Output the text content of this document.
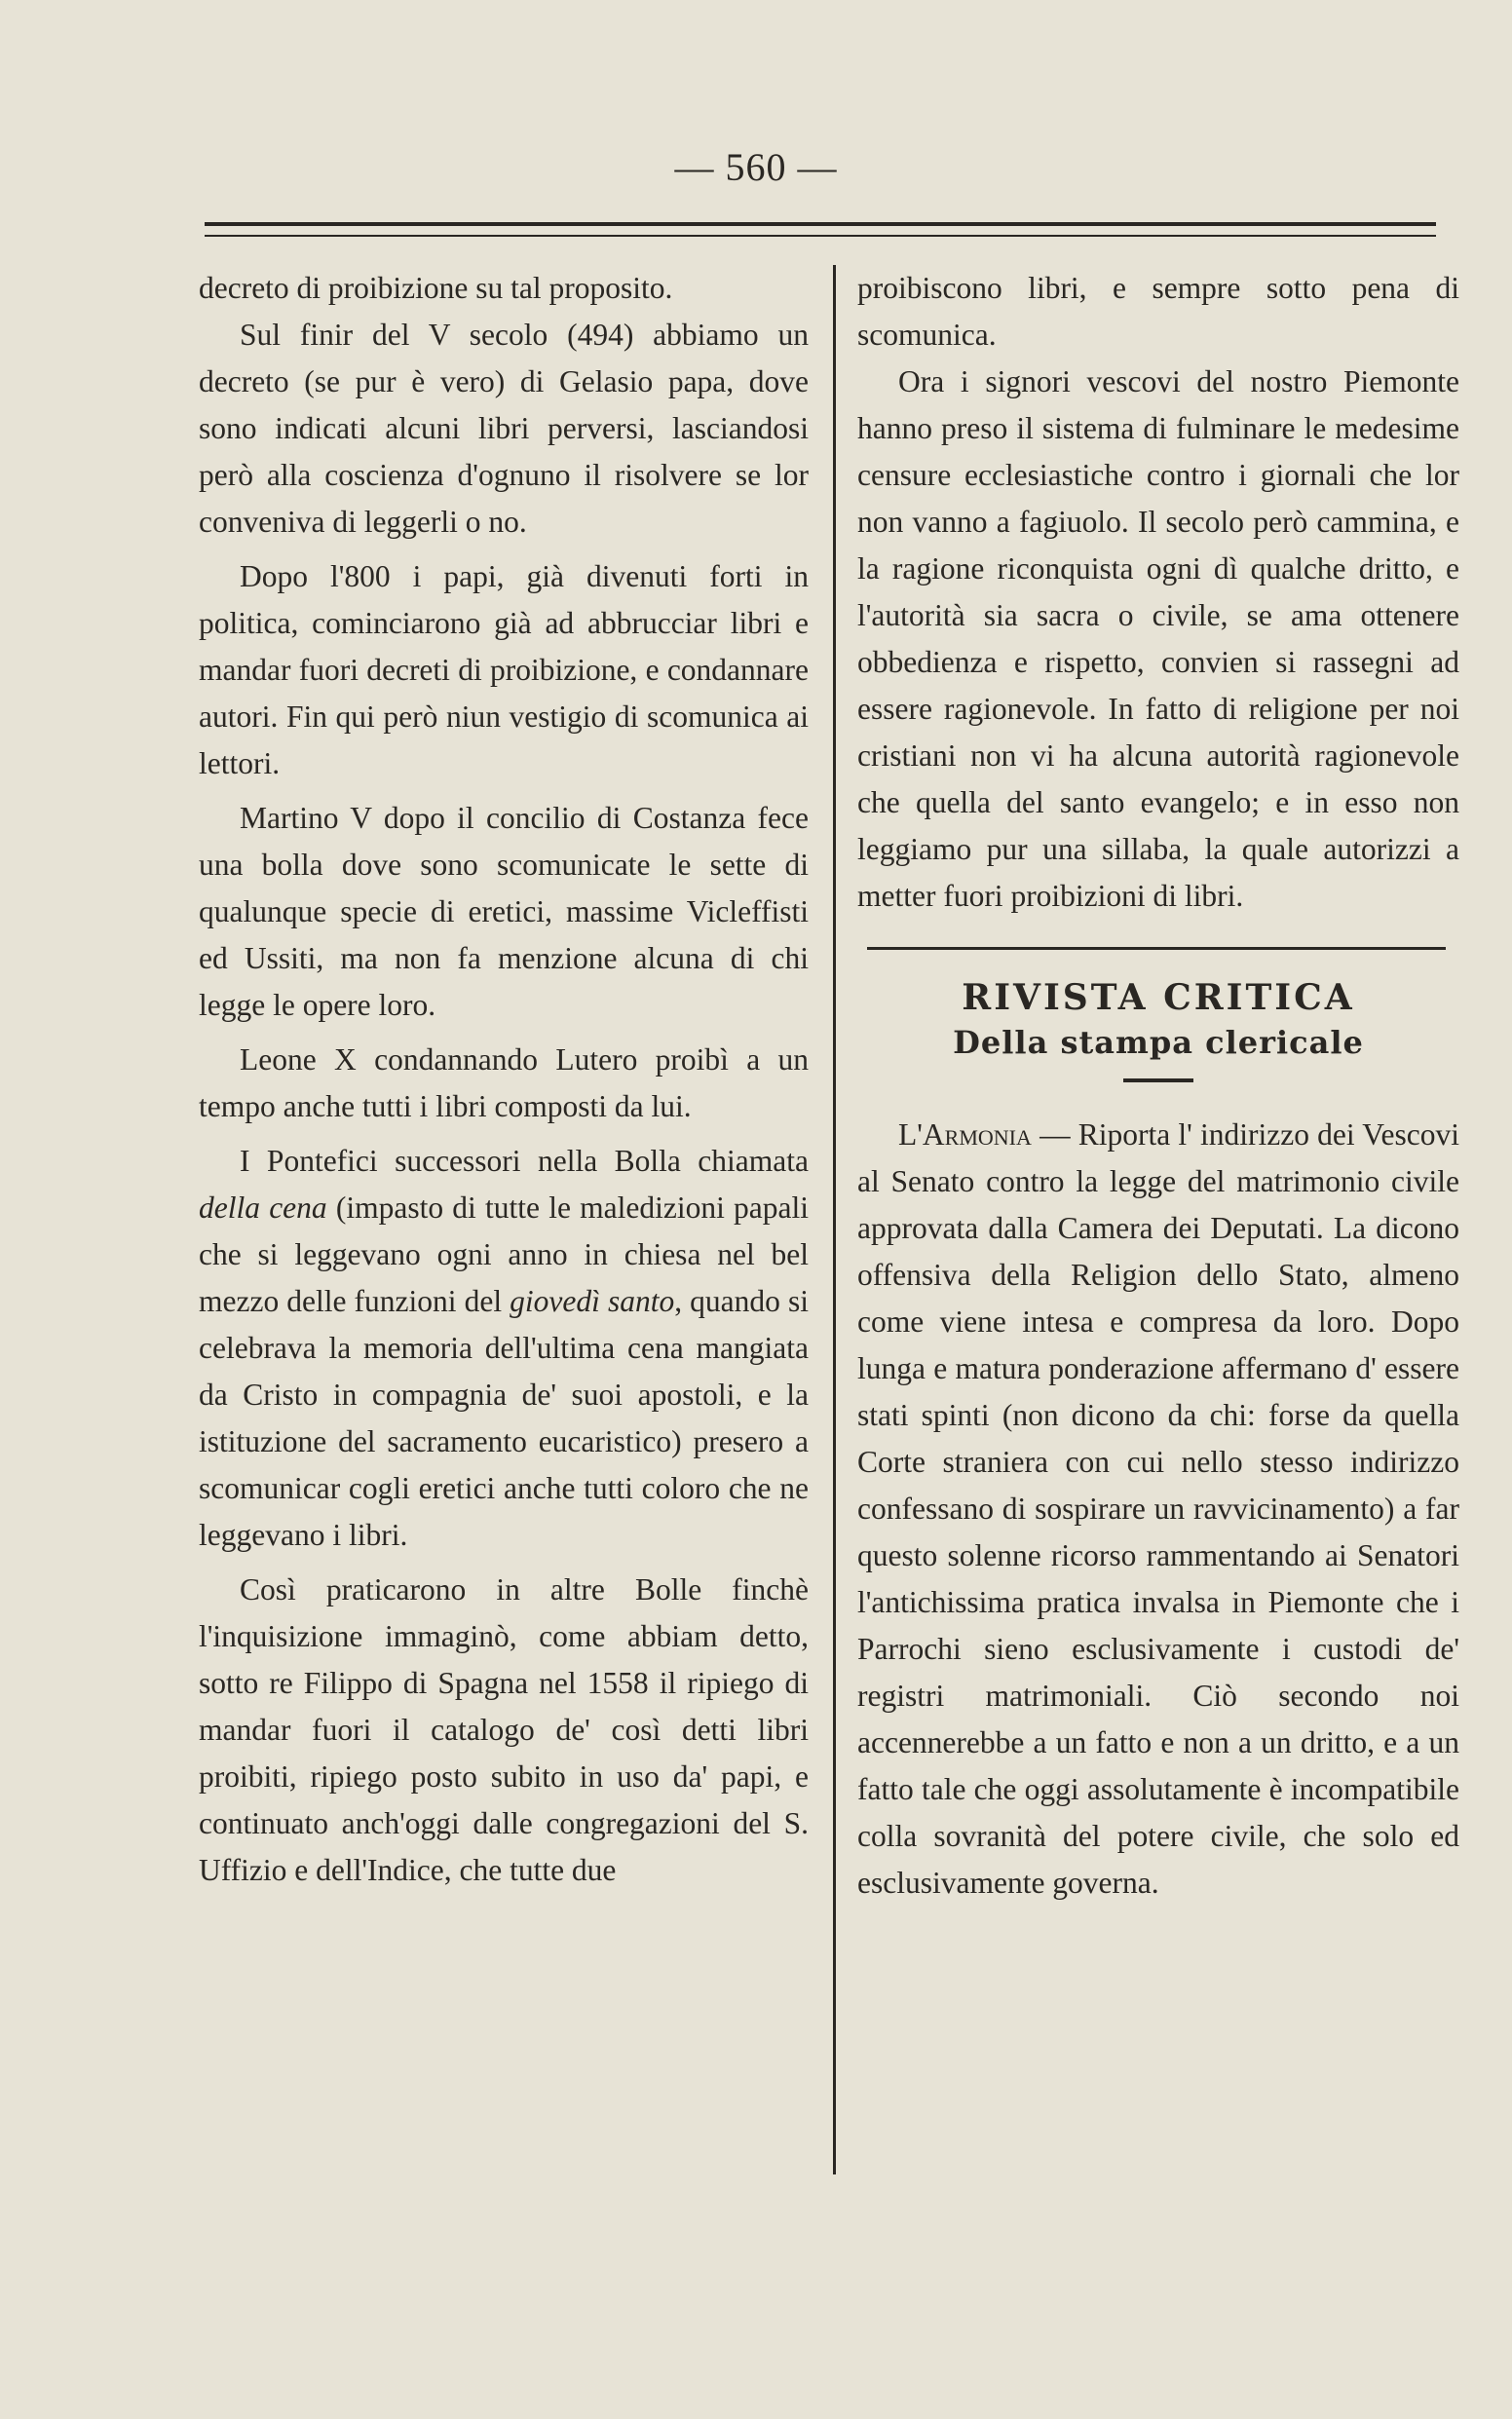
— 560 —

decreto di proibizione su tal proposito.

Sul finir del V secolo (494) abbiamo un decreto (se pur è vero) di Gelasio papa, dove sono indicati alcuni libri perversi, lasciandosi però alla coscienza d'ognuno il risolvere se lor conveniva di leggerli o no.

Dopo l'800 i papi, già divenuti forti in politica, cominciarono già ad abbrucciar libri e mandar fuori decreti di proibizione, e condannare autori. Fin qui però niun vestigio di scomunica ai lettori.

Martino V dopo il concilio di Costanza fece una bolla dove sono scomunicate le sette di qualunque specie di eretici, massime Vicleffisti ed Ussiti, ma non fa menzione alcuna di chi legge le opere loro.

Leone X condannando Lutero proibì a un tempo anche tutti i libri composti da lui.

I Pontefici successori nella Bolla chiamata della cena (impasto di tutte le maledizioni papali che si leggevano ogni anno in chiesa nel bel mezzo delle funzioni del giovedì santo, quando si celebrava la memoria dell'ultima cena mangiata da Cristo in compagnia de' suoi apostoli, e la istituzione del sacramento eucaristico) presero a scomunicar cogli eretici anche tutti coloro che ne leggevano i libri.

Così praticarono in altre Bolle finchè l'inquisizione immaginò, come abbiam detto, sotto re Filippo di Spagna nel 1558 il ripiego di mandar fuori il catalogo de' così detti libri proibiti, ripiego posto subito in uso da' papi, e continuato anch'oggi dalle congregazioni del S. Uffizio e dell'Indice, che tutte due

proibiscono libri, e sempre sotto pena di scomunica.

Ora i signori vescovi del nostro Piemonte hanno preso il sistema di fulminare le medesime censure ecclesiastiche contro i giornali che lor non vanno a fagiuolo. Il secolo però cammina, e la ragione riconquista ogni dì qualche dritto, e l'autorità sia sacra o civile, se ama ottenere obbedienza e rispetto, convien si rassegni ad essere ragionevole. In fatto di religione per noi cristiani non vi ha alcuna autorità ragionevole che quella del santo evangelo; e in esso non leggiamo pur una sillaba, la quale autorizzi a metter fuori proibizioni di libri.

RIVISTA CRITICA
Della stampa clericale

L'Armonia — Riporta l' indirizzo dei Vescovi al Senato contro la legge del matrimonio civile approvata dalla Camera dei Deputati. La dicono offensiva della Religion dello Stato, almeno come viene intesa e compresa da loro. Dopo lunga e matura ponderazione affermano d' essere stati spinti (non dicono da chi: forse da quella Corte straniera con cui nello stesso indirizzo confessano di sospirare un ravvicinamento) a far questo solenne ricorso rammentando ai Senatori l'antichissima pratica invalsa in Piemonte che i Parrochi sieno esclusivamente i custodi de' registri matrimoniali. Ciò secondo noi accennerebbe a un fatto e non a un dritto, e a un fatto tale che oggi assolutamente è incompatibile colla sovranità del potere civile, che solo ed esclusivamente governa.
